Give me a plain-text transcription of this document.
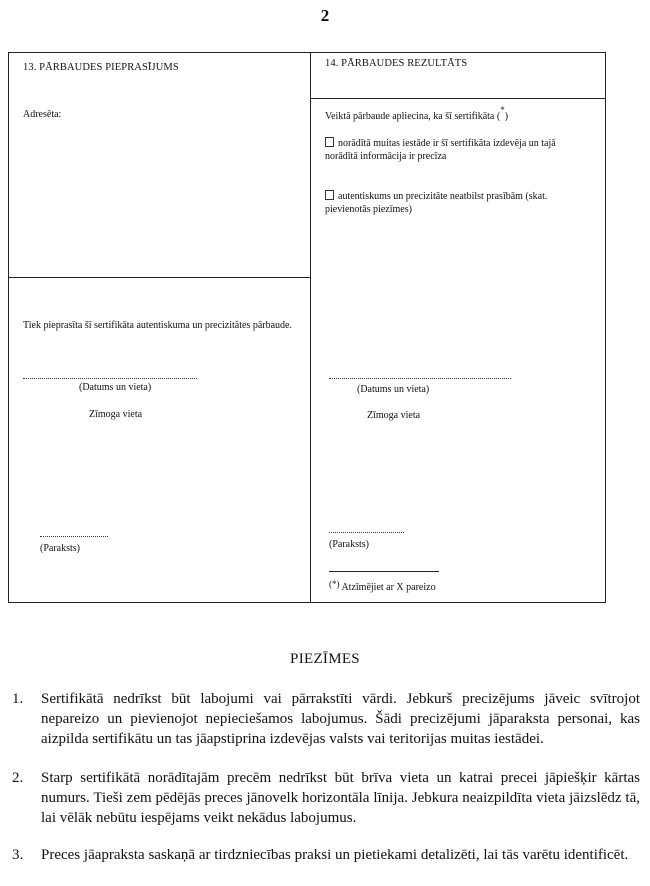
2
13. PĀRBAUDES PIEPRASĪJUMS
Adresēta:
Tiek pieprasīta šī sertifikāta autentiskuma un precizitātes pārbaude.
(Datums un vieta)
Zīmoga vieta
(Paraksts)
14. PĀRBAUDES REZULTĀTS
Veiktā pārbaude apliecina, ka šī sertifikāta (*)
norādītā muitas iestāde ir šī sertifikāta izdevēja un tajā norādītā informācija ir precīza
autentiskums un precizitāte neatbilst prasībām (skat. pievienotās piezīmes)
(Datums un vieta)
Zīmoga vieta
(Paraksts)
(*) Atzīmējiet ar X pareizo
PIEZĪMES
1. Sertifikātā nedrīkst būt labojumi vai pārrakstīti vārdi. Jebkurš precizējums jāveic svītrojot nepareizo un pievienojot nepieciešamos labojumus. Šādi precizējumi jāparaksta personai, kas aizpilda sertifikātu un tas jāapstiprina izdevējas valsts vai teritorijas muitas iestādei.
2. Starp sertifikātā norādītajām precēm nedrīkst būt brīva vieta un katrai precei jāpiešķir kārtas numurs. Tieši zem pēdējās preces jānovelk horizontāla līnija. Jebkura neaizpildīta vieta jāizslēdz tā, lai vēlāk nebūtu iespējams veikt nekādus labojumus.
3. Preces jāapraksta saskaņā ar tirdzniecības praksi un pietiekami detalizēti, lai tās varētu identificēt.
